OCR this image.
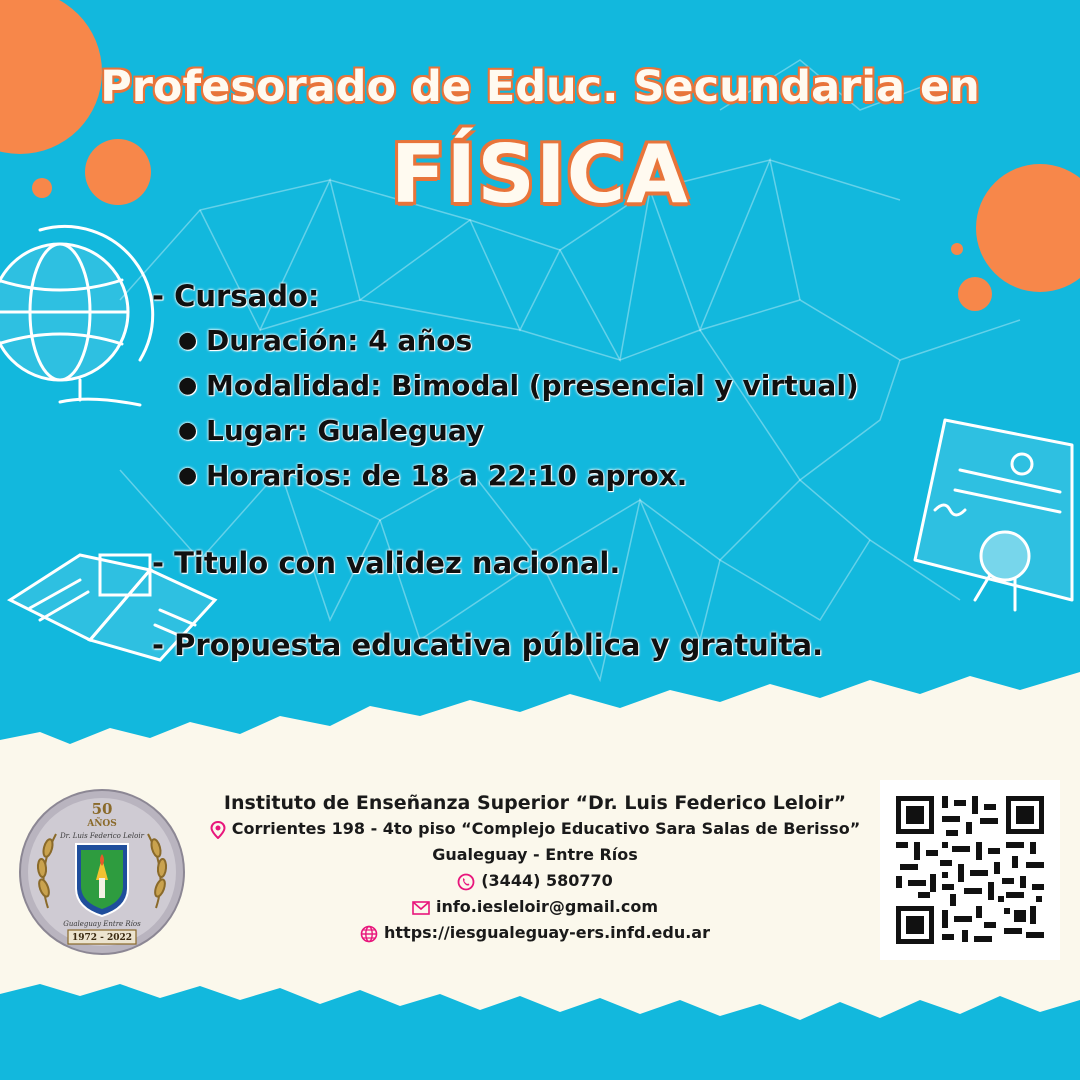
Profesorado de Educ. Secundaria en
FÍSICA

- Cursado:

● Duración: 4 años
● Modalidad: Bimodal (presencial y virtual)
● Lugar: Gualeguay
● Horarios: de 18 a 22:10 aprox.

- Titulo con validez nacional.

- Propuesta educativa pública y gratuita.

Instituto de Enseñanza Superior “Dr. Luis Federico Leloir”
Corrientes 198 - 4to piso “Complejo Educativo Sara Salas de Berisso”
Gualeguay - Entre Ríos
(3444) 580770
info.iesleloir@gmail.com
https://iesgualeguay-ers.infd.edu.ar
50
AÑOS
Dr. Luis Federico Leloir
Gualeguay Entre Ríos
1972 - 2022
